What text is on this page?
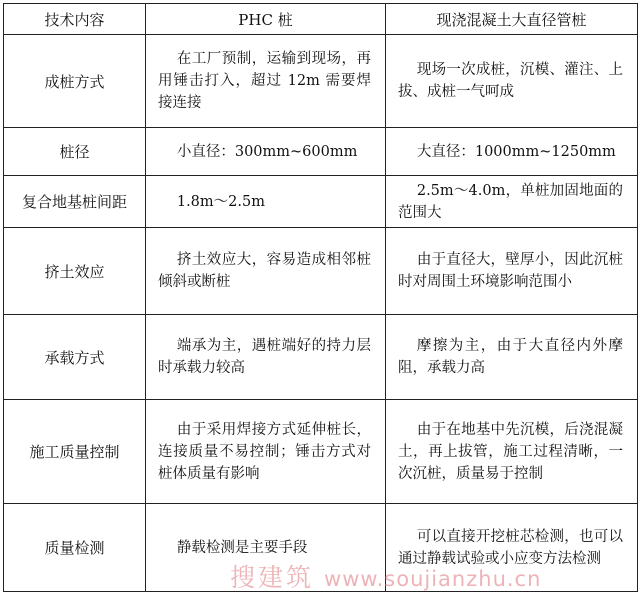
技术内容	PHC 桩	现浇混凝土大直径管桩
成桩方式	在工厂预制，运输到现场，再用锤击打入，超过 12m 需要焊接连接	现场一次成桩，沉模、灌注、上拔、成桩一气呵成
桩径	小直径：300mm~600mm	大直径：1000mm~1250mm
复合地基桩间距	1.8m～2.5m	2.5m～4.0m，单桩加固地面的范围大
挤土效应	挤土效应大，容易造成相邻桩倾斜或断桩	由于直径大，壁厚小，因此沉桩时对周围土环境影响范围小
承载方式	端承为主，遇桩端好的持力层时承载力较高	摩擦为主，由于大直径内外摩阻，承载力高
施工质量控制	由于采用焊接方式延伸桩长，连接质量不易控制；锤击方式对桩体质量有影响	由于在地基中先沉模，后浇混凝土，再上拔管，施工过程清晰，一次沉桩，质量易于控制
质量检测	静载检测是主要手段	可以直接开挖桩芯检测，也可以通过静载试验或小应变方法检测
搜建筑 www.soujianzhu.cn
